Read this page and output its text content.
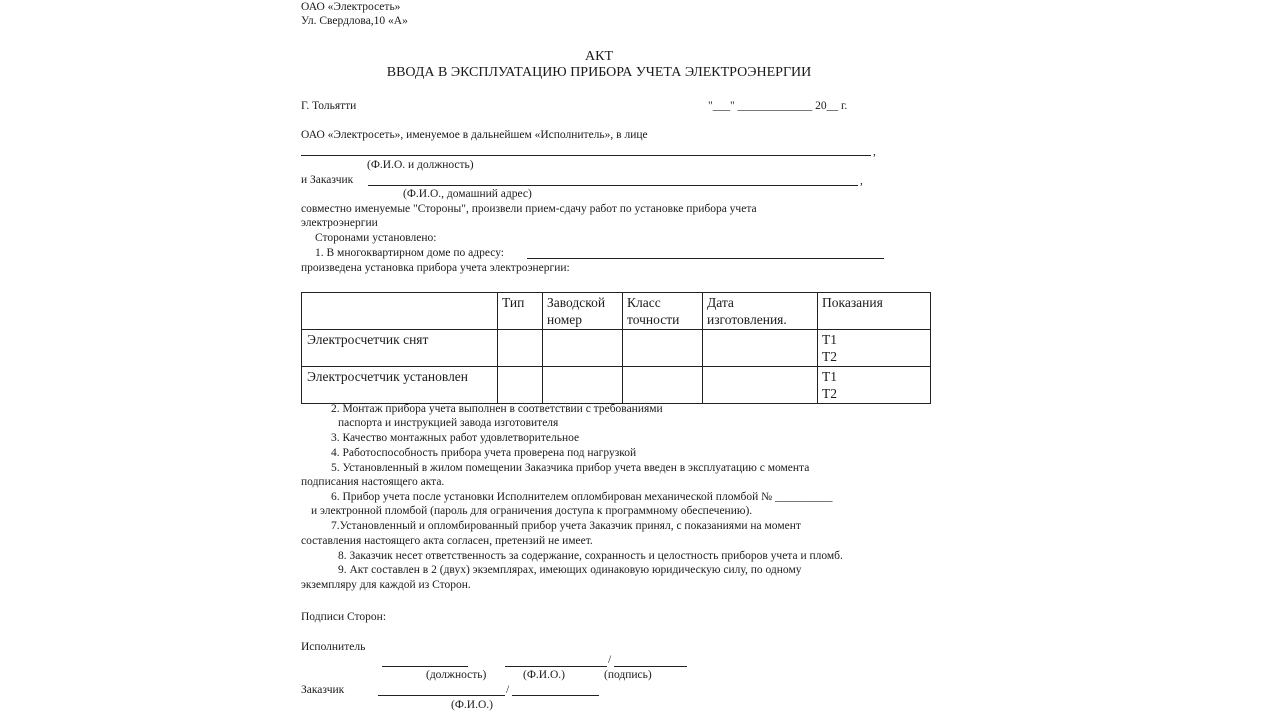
ОАО «Электросеть»
Ул. Свердлова,10 «А»
АКТ
ВВОДА В ЭКСПЛУАТАЦИЮ ПРИБОРА УЧЕТА ЭЛЕКТРОЭНЕРГИИ
Г. Тольятти	"___" _____________ 20__ г.
ОАО «Электросеть», именуемое в дальнейшем «Исполнитель», в лице
,
(Ф.И.О. и должность)
и Заказчик	,
(Ф.И.О., домашний адрес)
совместно именуемые "Стороны", произвели прием-сдачу работ по установке прибора учета
электроэнергии
Сторонами установлено:
1. В многоквартирном доме по адресу:
произведена установка прибора учета электроэнергии:
	Тип	Заводской номер	Класс точности	Дата изготовления.	Показания
Электросчетчик снят					Т1
Т2

Электросчетчик установлен					Т1
Т2
2. Монтаж прибора учета выполнен в соответствии с требованиями
паспорта и инструкцией завода изготовителя
3. Качество монтажных работ удовлетворительное
4. Работоспособность прибора учета проверена под нагрузкой
5. Установленный в жилом помещении Заказчика прибор учета введен в эксплуатацию с момента
подписания настоящего акта.
6. Прибор учета после установки Исполнителем опломбирован механической пломбой № __________
и электронной пломбой (пароль для ограничения доступа к программному обеспечению).
7.Установленный и опломбированный прибор учета Заказчик принял, с показаниями на момент
составления настоящего акта согласен, претензий не имеет.
8. Заказчик несет ответственность за содержание, сохранность и целостность приборов учета и пломб.
9. Акт составлен в 2 (двух) экземплярах, имеющих одинаковую юридическую силу, по одному
экземпляру для каждой из Сторон.
Подписи Сторон:
Исполнитель
/
(должность)	(Ф.И.О.)	(подпись)
Заказчик	/
(Ф.И.О.)
